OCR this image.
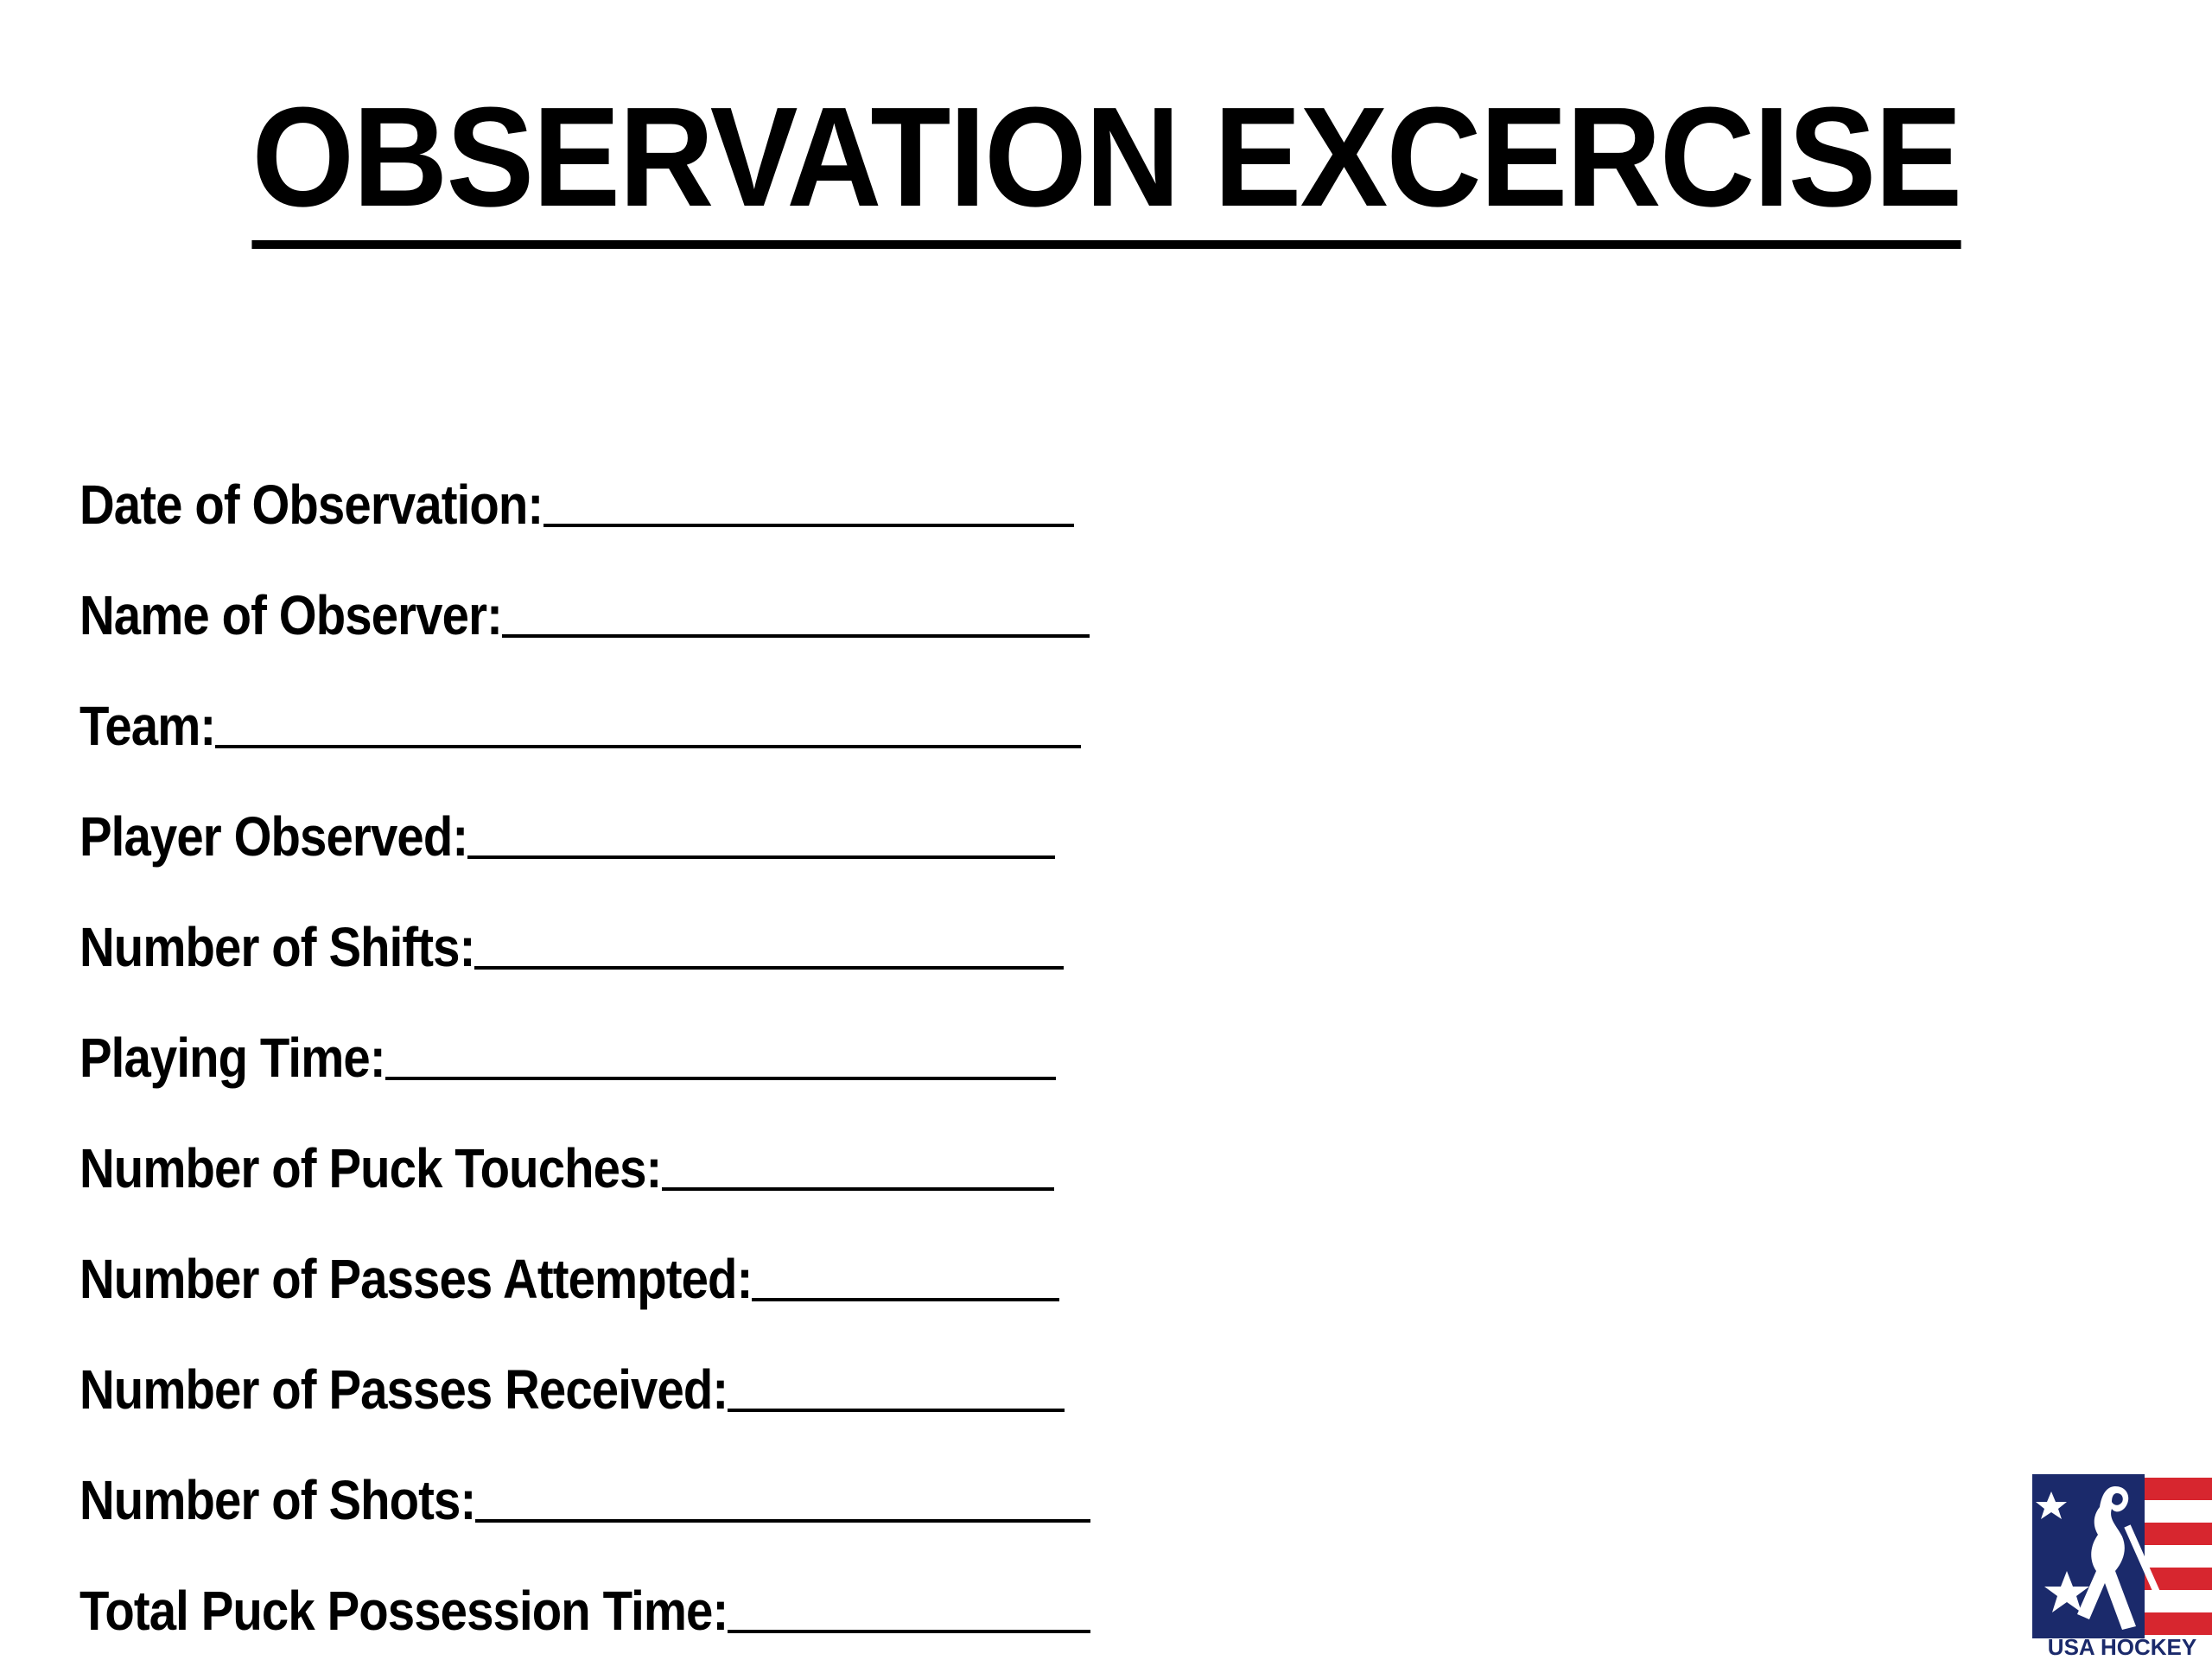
OBSERVATION EXCERCISE
Date of Observation:
Name of Observer:
Team:
Player Observed:
Number of Shifts:
Playing Time:
Number of Puck Touches:
Number of Passes Attempted:
Number of Passes Received:
Number of Shots:
Total Puck Possession Time:
USA HOCKEY
